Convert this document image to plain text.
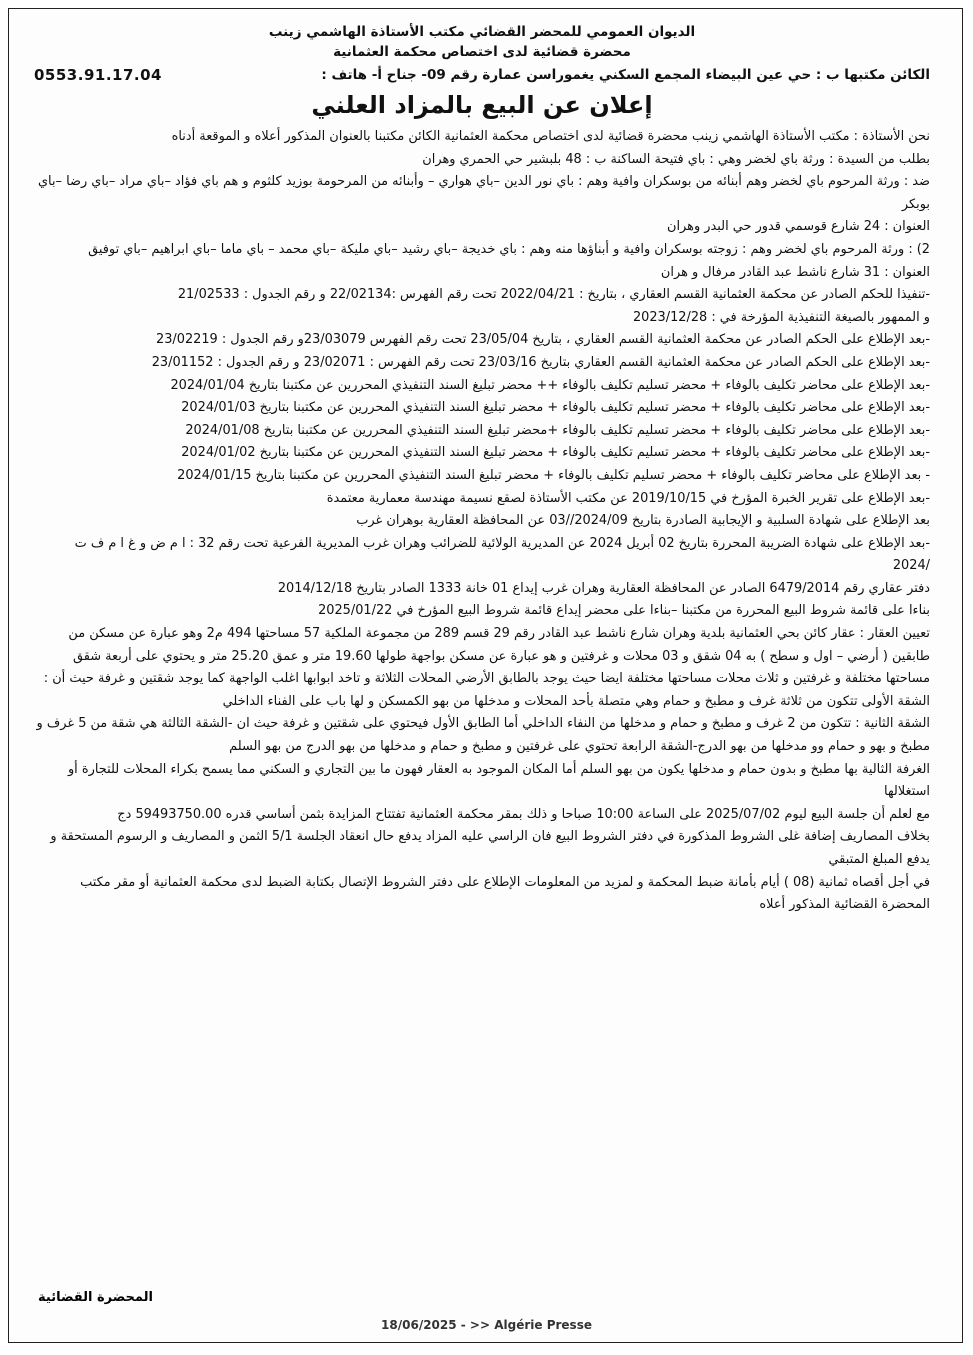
الديوان العمومي للمحضر القضائي مكتب الأستاذة الهاشمي زينب
محضرة قضائية لدى اختصاص محكمة العثمانية
الكائن مكتبها ب : حي عين البيضاء المجمع السكني يغموراسن عمارة رقم 09- جناح أ- هاتف :
0553.91.17.04
إعلان عن البيع بالمزاد العلني

نحن الأستاذة : مكتب الأستاذة الهاشمي زينب محضرة قضائية لدى اختصاص محكمة العثمانية الكائن مكتبنا بالعنوان المذكور أعلاه و الموقعة أدناه

بطلب من السيدة : ورثة باي لخضر وهي : باي فتيحة الساكنة ب : 48 بلبشير حي الحمري وهران

ضد : ورثة المرحوم باي لخضر وهم أبنائه من بوسكران وافية وهم : باي نور الدين –باي هواري – وأبنائه من المرحومة بوزيد كلثوم و هم باي فؤاد –باي مراد –باي رضا –باي بوبكر

العنوان : 24 شارع قوسمي قدور حي البدر وهران

2) : ورثة المرحوم باي لخضر وهم : زوجته بوسكران وافية و أبناؤها منه وهم : باي خديجة –باي رشيد –باي مليكة –باي محمد – باي ماما –باي ابراهيم –باي توفيق

العنوان : 31 شارع ناشط عبد القادر مرفال و هران

-تنفيذا للحكم الصادر عن محكمة العثمانية القسم العقاري ، بتاريخ : 2022/04/21 تحت رقم الفهرس :22/02134 و رقم الجدول : 21/02533

و الممهور بالصيغة التنفيذية المؤرخة في : 2023/12/28

-بعد الإطلاع على الحكم الصادر عن محكمة العثمانية القسم العقاري ، بتاريخ 23/05/04 تحت رقم الفهرس 23/03079و رقم الجدول : 23/02219

-بعد الإطلاع على الحكم الصادر عن محكمة العثمانية القسم العقاري بتاريخ 23/03/16 تحت رقم الفهرس : 23/02071 و رقم الجدول : 23/01152

-بعد الإطلاع على محاضر تكليف بالوفاء + محضر تسليم تكليف بالوفاء ++ محضر تبليغ السند التنفيذي المحررين عن مكتبنا بتاريخ 2024/01/04

-بعد الإطلاع على محاضر تكليف بالوفاء + محضر تسليم تكليف بالوفاء + محضر تبليغ السند التنفيذي المحررين عن مكتبنا بتاريخ 2024/01/03

-بعد الإطلاع على محاضر تكليف بالوفاء + محضر تسليم تكليف بالوفاء +محضر تبليغ السند التنفيذي المحررين عن مكتبنا بتاريخ 2024/01/08

-بعد الإطلاع على محاضر تكليف بالوفاء + محضر تسليم تكليف بالوفاء + محضر تبليغ السند التنفيذي المحررين عن مكتبنا بتاريخ 2024/01/02

- بعد الإطلاع على محاضر تكليف بالوفاء + محضر تسليم تكليف بالوفاء + محضر تبليغ السند التنفيذي المحررين عن مكتبنا بتاريخ 2024/01/15

-بعد الإطلاع على تقرير الخبرة المؤرخ في 2019/10/15 عن مكتب الأستاذة لصقع نسيمة مهندسة معمارية معتمدة

بعد الإطلاع على شهادة السلبية و الإيجابية الصادرة بتاريخ 2024/09//03 عن المحافظة العقارية بوهران غرب

-بعد الإطلاع على شهادة الضريبة المحررة بتاريخ 02 أبريل 2024 عن المديرية الولائية للضرائب وهران غرب المديرية الفرعية تحت رقم 32 : ا م ض و غ ا م ف ت /2024

دفتر عقاري رقم 6479/2014 الصادر عن المحافظة العقارية وهران غرب إيداع 01 خانة 1333 الصادر بتاريخ 2014/12/18

بناءا على قائمة شروط البيع المحررة من مكتبنا –بناءا على محضر إيداع قائمة شروط البيع المؤرخ في 2025/01/22

تعيين العقار : عقار كائن بحي العثمانية بلدية وهران شارع ناشط عبد القادر رقم 29 قسم 289 من مجموعة الملكية 57 مساحتها 494 م2 وهو عبارة عن مسكن من طابقين ( أرضي – اول و سطح ) به 04 شقق و 03 محلات و غرفتين و هو عبارة عن مسكن بواجهة طولها 19.60 متر و عمق 25.20 متر و يحتوي على أربعة شقق مساحتها مختلفة و غرفتين و ثلاث محلات مساحتها مختلفة ايضا حيث يوجد بالطابق الأرضي المحلات الثلاثة و تاخد ابوابها اغلب الواجهة كما يوجد شقتين و غرفة حيث أن : الشقة الأولى تتكون من ثلاثة غرف و مطبخ و حمام وهي متصلة بأحد المحلات و مدخلها من بهو الكمسكن و لها باب على الفناء الداخلي

الشقة الثانية : تتكون من 2 غرف و مطبخ و حمام و مدخلها من النفاء الداخلي أما الطابق الأول فيحتوي على شقتين و غرفة حيث ان -الشقة الثالثة هي شقة من 5 غرف و مطبخ و بهو و حمام وو مدخلها من بهو الدرج-الشقة الرابعة تحتوي على غرفتين و مطبخ و حمام و مدخلها من بهو الدرج من بهو السلم

الغرفة الثالية بها مطبخ و بدون حمام و مدخلها يكون من بهو السلم أما المكان الموجود به العقار فهون ما بين التجاري و السكني مما يسمح بكراء المحلات للتجارة أو استغلالها

مع لعلم أن جلسة البيع ليوم 2025/07/02 على الساعة 10:00 صباحا و ذلك بمقر محكمة العثمانية تفتتاح المزايدة بثمن أساسي قدره 59493750.00 دج

بخلاف المصاريف إضافة غلى الشروط المذكورة في دفتر الشروط البيع فان الراسي عليه المزاد يدفع حال انعقاد الجلسة 5/1 الثمن و المصاريف و الرسوم المستحقة و يدفع المبلغ المتبقي

في أجل أقصاه ثمانية (08 ) أيام بأمانة ضبط المحكمة و لمزيد من المعلومات الإطلاع على دفتر الشروط الإتصال بكتابة الضبط لدى محكمة العثمانية أو مقر مكتب المحضرة القضائية المذكور أعلاه

المحضرة القضائية
18/06/2025 - >> Algérie Presse
